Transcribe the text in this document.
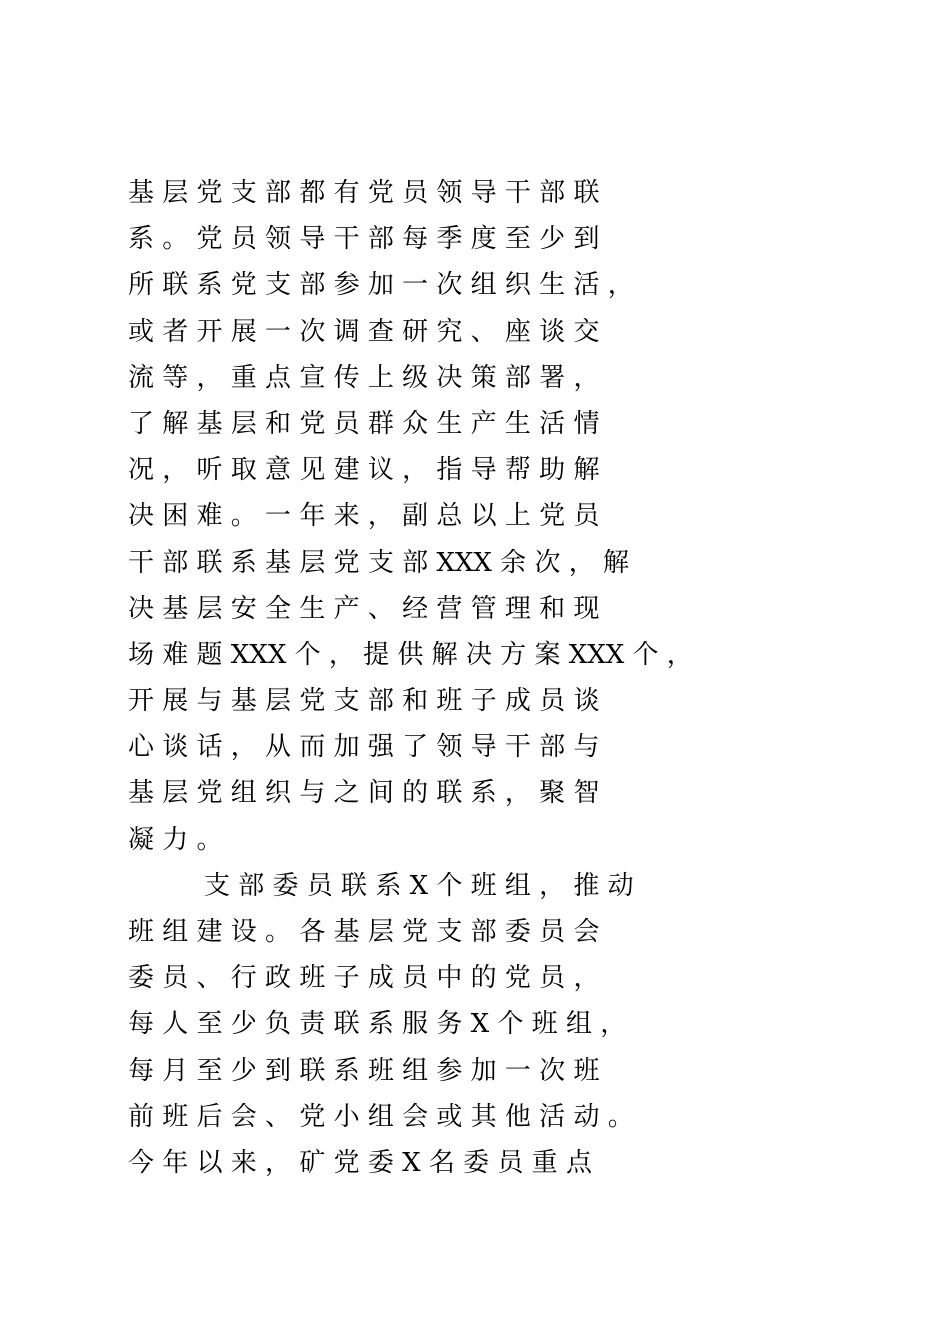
基 层 党 支 部 都 有 党 员 领 导 干 部 联
系 。 党 员 领 导 干 部 每 季 度 至 少 到
所 联 系 党 支 部 参 加 一 次 组 织 生 活 ，
或 者 开 展 一 次 调 查 研 究 、 座 谈 交
流 等 ， 重 点 宣 传 上 级 决 策 部 署 ，
了 解 基 层 和 党 员 群 众 生 产 生 活 情
况 ， 听 取 意 见 建 议 ， 指 导 帮 助 解
决 困 难 。 一 年 来 ， 副 总 以 上 党 员
干 部 联 系 基 层 党 支 部 XXX 余 次 ， 解
决 基 层 安 全 生 产 、 经 营 管 理 和 现
场 难 题 XXX 个 ， 提 供 解 决 方 案 XXX 个 ，
开 展 与 基 层 党 支 部 和 班 子 成 员 谈
心 谈 话 ， 从 而 加 强 了 领 导 干 部 与
基 层 党 组 织 与 之 间 的 联 系 ， 聚 智
凝 力 。
支 部 委 员 联 系 X 个 班 组 ， 推 动
班 组 建 设 。 各 基 层 党 支 部 委 员 会
委 员 、 行 政 班 子 成 员 中 的 党 员 ，
每 人 至 少 负 责 联 系 服 务 X 个 班 组 ，
每 月 至 少 到 联 系 班 组 参 加 一 次 班
前 班 后 会 、 党 小 组 会 或 其 他 活 动 。
今 年 以 来 ， 矿 党 委 X 名 委 员 重 点
